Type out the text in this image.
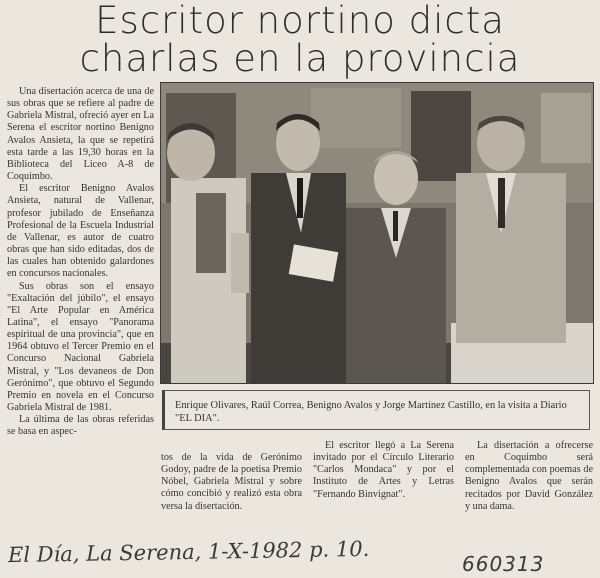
Escritor nortino dicta
charlas en la provincia

Una disertación acerca de una de sus obras que se refiere al padre de Gabriela Mistral, ofreció ayer en La Serena el escritor nortino Benigno Avalos Ansieta, la que se repetirá esta tarde a las 19,30 horas en la Biblioteca del Liceo A-8 de Coquimbo.

El escritor Benigno Avalos Ansieta, natural de Vallenar, profesor jubilado de Enseñanza Profesional de la Escuela Industrial de Vallenar, es autor de cuatro obras que han sido editadas, dos de las cuales han obtenido galardones en concursos nacionales.

Sus obras son el ensayo "Exaltación del júbilo", el ensayo "El Arte Popular en América Latina", el ensayo "Panorama espiritual de una provincia", que en 1964 obtuvo el Tercer Premio en el Concurso Nacional Gabriela Mistral, y "Los devaneos de Don Gerónimo", que obtuvo el Segundo Premio en novela en el Concurso Gabriela Mistral de 1981.

La última de las obras referidas se basa en aspec-

Enrique Olivares, Raúl Correa, Benigno Avalos y Jorge Martínez Castillo, en la visita a Diario "EL DIA".
tos de la vida de Gerónimo Godoy, padre de la poetisa Premio Nóbel, Gabriela Mistral y sobre cómo concibió y realizó esta obra versa la disertación.

El escritor llegó a La Serena invitado por el Círculo Literario "Carlos Mondaca" y por el Instituto de Artes y Letras "Fernando Binvignat".

La disertación a ofrecerse en Coquimbo será complementada con poemas de Benigno Avalos que serán recitados por David González y una dama.

El Día, La Serena, 1-X-1982 p. 10.	660313
